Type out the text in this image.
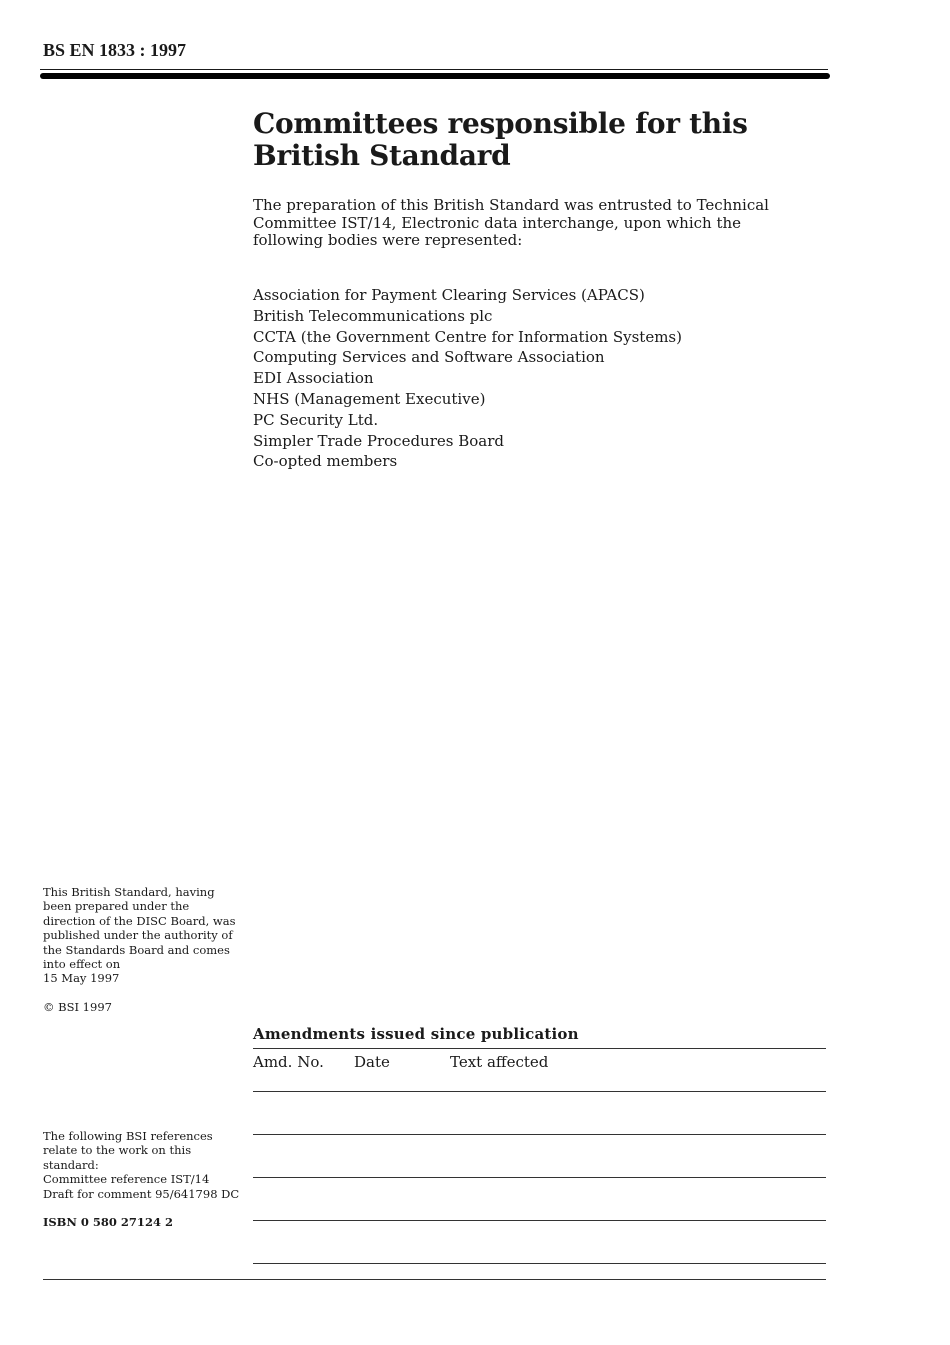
BS EN 1833 : 1997
Committees responsible for this
British Standard

The preparation of this British Standard was entrusted to Technical Committee IST/14, Electronic data interchange, upon which the following bodies were represented:

Association for Payment Clearing Services (APACS)
British Telecommunications plc
CCTA (the Government Centre for Information Systems)
Computing Services and Software Association
EDI Association
NHS (Management Executive)
PC Security Ltd.
Simpler Trade Procedures Board
Co-opted members

This British Standard, having
been prepared under the
direction of the DISC Board, was
published under the authority of
the Standards Board and comes
into effect on
15 May 1997

© BSI 1997

The following BSI references
relate to the work on this
standard:
Committee reference IST/14
Draft for comment 95/641798 DC

ISBN 0 580 27124 2
Amendments issued since publication
Amd. No. Date	Text affected
